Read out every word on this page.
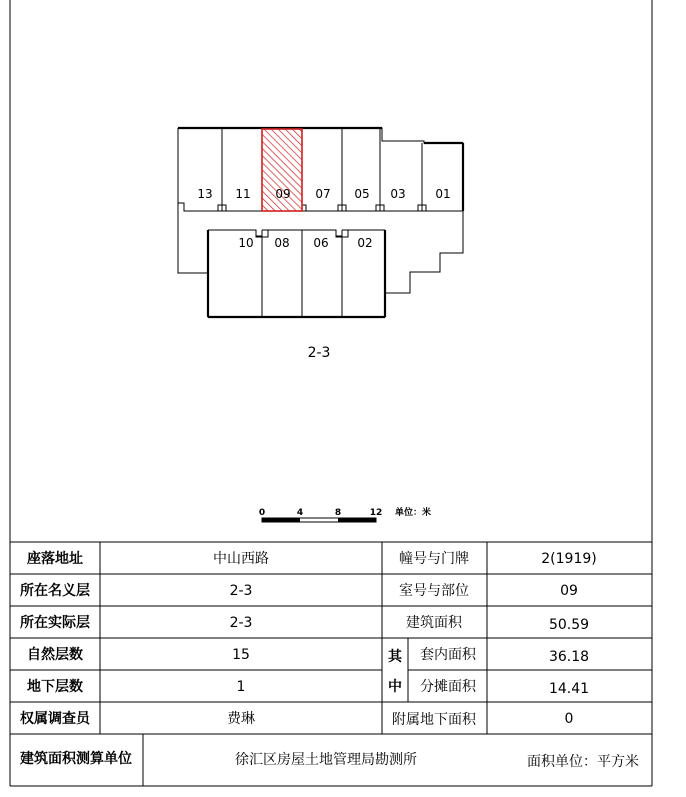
13 11 09 07 05 03 01
10 08 06 02
2-3
0	4	8	12 单位：米
座落地址	中山西路	幢号与门牌	2(1919)
所在名义层	2-3	室号与部位	09
所在实际层	2-3	建筑面积	50.59
自然层数	15	其 套内面积	36.18
地下层数	1	中 分摊面积	14.41
权属调查员	费琳	附属地下面积	0
建筑面积测算单位	徐汇区房屋土地管理局勘测所	面积单位：平方米
